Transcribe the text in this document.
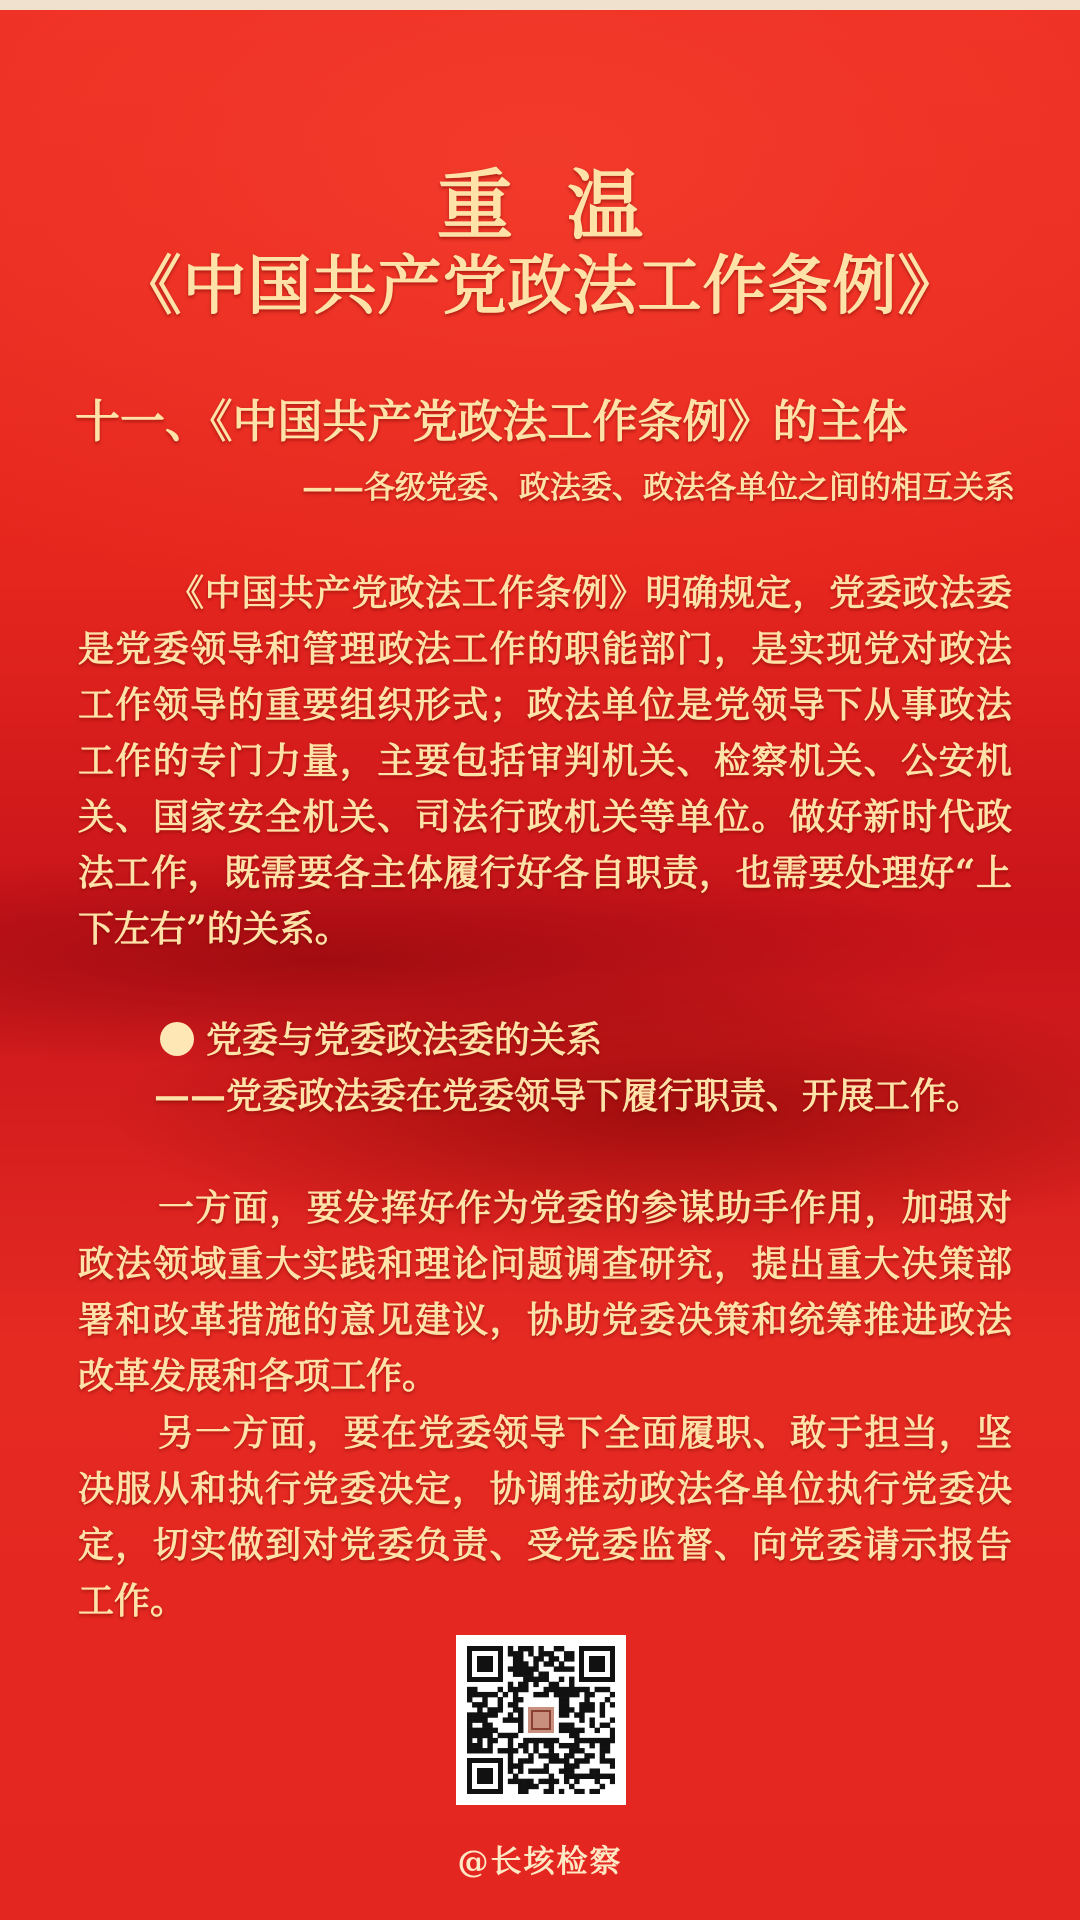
重温
《中国共产党政法工作条例》
十一、《中国共产党政法工作条例》的主体
——各级党委、政法委、政法各单位之间的相互关系

《中国共产党政法工作条例》明确规定，党委政法委是党委领导和管理政法工作的职能部门，是实现党对政法工作领导的重要组织形式；政法单位是党领导下从事政法工作的专门力量，主要包括审判机关、检察机关、公安机关、国家安全机关、司法行政机关等单位。做好新时代政法工作，既需要各主体履行好各自职责，也需要处理好“上下左右”的关系。

党委与党委政法委的关系

——党委政法委在党委领导下履行职责、开展工作。

一方面，要发挥好作为党委的参谋助手作用，加强对政法领域重大实践和理论问题调查研究，提出重大决策部署和改革措施的意见建议，协助党委决策和统筹推进政法改革发展和各项工作。

另一方面，要在党委领导下全面履职、敢于担当，坚决服从和执行党委决定，协调推动政法各单位执行党委决定，切实做到对党委负责、受党委监督、向党委请示报告工作。

@长垓检察
